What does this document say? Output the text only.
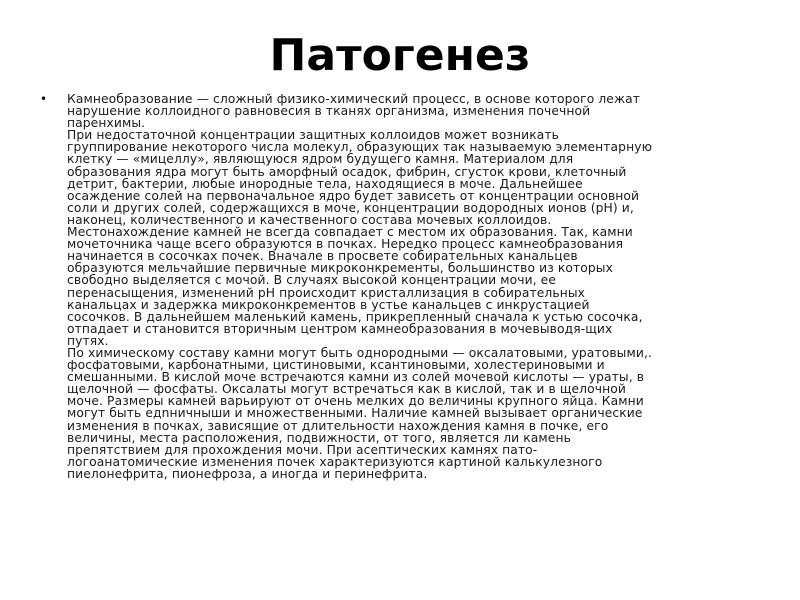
Патогенез
• Камнеобразование — сложный физико-химический процесс, в основе которого лежат
нарушение коллоидного равновесия в тканях организма, изменения почечной
паренхимы.
При недостаточной концентрации защитных коллоидов может возникать
группирование некоторого числа молекул, образующих так называемую элементарную
клетку — «мицеллу», являющуюся ядром будущего камня. Материалом для
образования ядра могут быть аморфный осадок, фибрин, сгусток крови, клеточный
детрит, бактерии, любые инородные тела, находящиеся в моче. Дальнейшее
осаждение солей на первоначальное ядро будет зависеть от концентрации основной
соли и других солей, содержащихся в моче, концентрации водородных ионов (pH) и,
наконец, количественного и качественного состава мочевых коллоидов.
Местонахождение камней не всегда совпадает с местом их образования. Так, камни
мочеточника чаще всего образуются в почках. Нередко процесс камнеобразования
начинается в сосочках почек. Вначале в просвете собирательных канальцев
образуются мельчайшие первичные микроконкременты, большинство из которых
свободно выделяется с мочой. В случаях высокой концентрации мочи, ее
перенасыщения, изменений pH происходит кристаллизация в собирательных
канальцах и задержка микроконкрементов в устье канальцев с инкрустацией
сосочков. В дальнейшем маленький камень, прикрепленный сначала к устью сосочка,
отпадает и становится вторичным центром камнеобразования в мочевыводя-щих
путях.
По химическому составу камни могут быть однородными — оксалатовыми, уратовыми,.
фосфатовыми, карбонатными, цистиновыми, ксантиновыми, холестериновыми и
смешанными. В кислой моче встречаются камни из солей мочевой кислоты — ураты, в
щелочной — фосфаты. Оксалаты могут встречаться как в кислой, так и в щелочной
моче. Размеры камней варьируют от очень мелких до величины крупного яйца. Камни
могут быть едnничныши и множественными. Наличие камней вызывает органические
изменения в почках, зависящие от длительности нахождения камня в почке, его
величины, места расположения, подвижности, от того, является ли камень
препятствием для прохождения мочи. При асептических камнях пато-
логоанатомические изменения почек характеризуются картиной калькулезного
пиелонефрита, пионефроза, а иногда и перинефрита.
